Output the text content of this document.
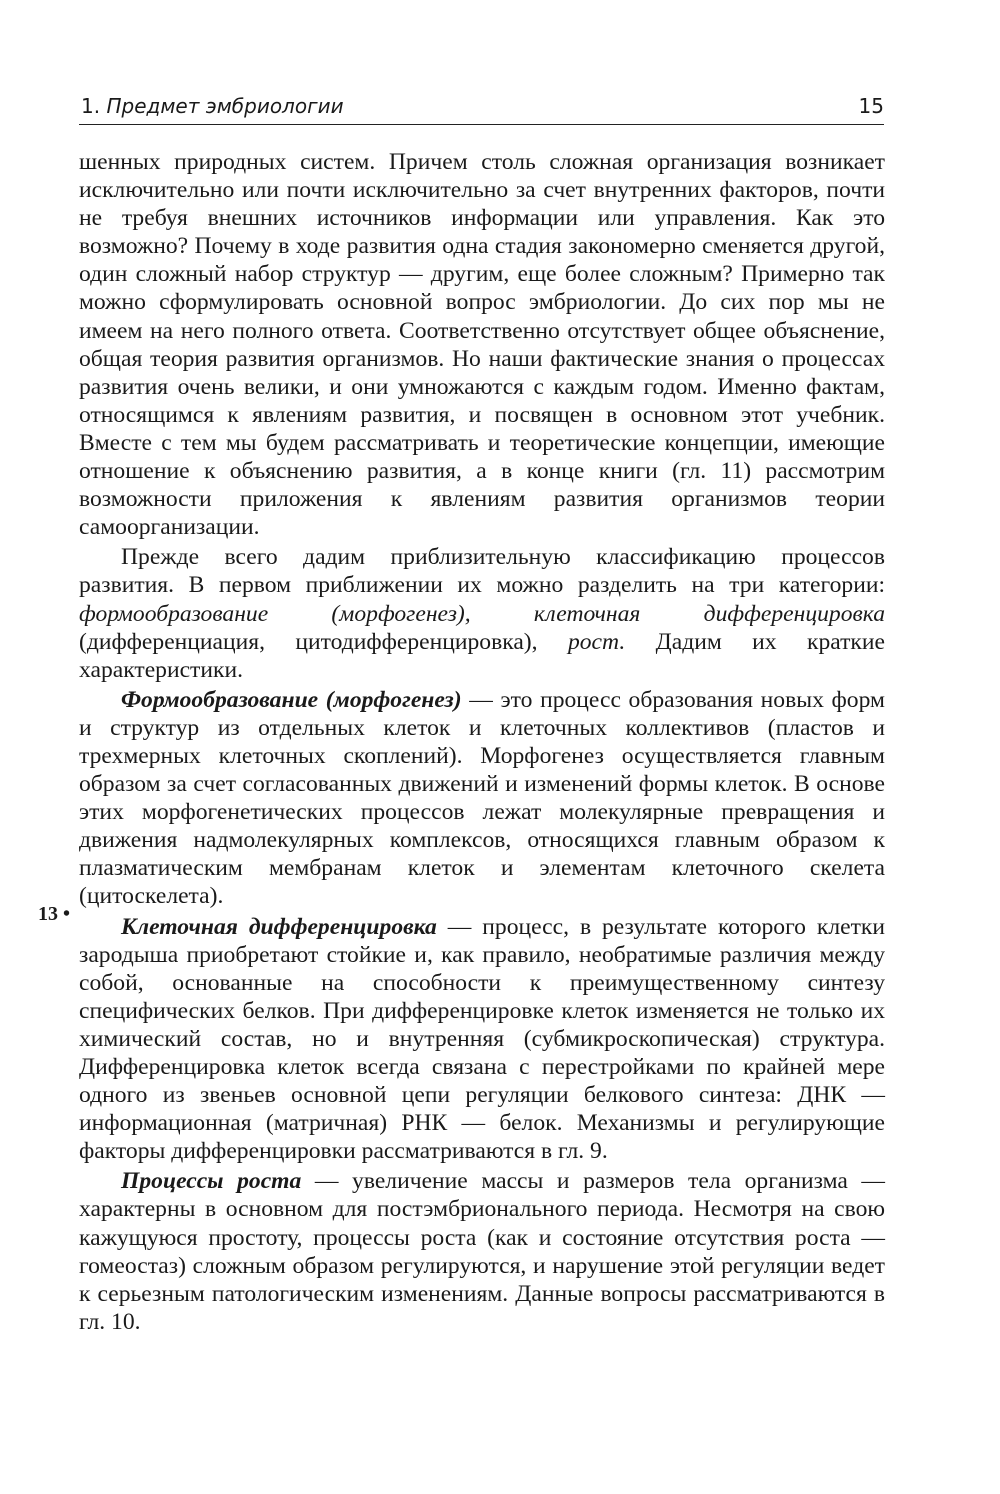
1. Предмет эмбриологии	15
13 •

шенных природных систем. Причем столь сложная организация возникает исключительно или почти исключительно за счет внутренних факторов, почти не требуя внешних источников информации или управления. Как это возможно? Почему в ходе развития одна стадия закономерно сменяется другой, один сложный набор структур — другим, еще более сложным? Примерно так можно сформулировать основной вопрос эмбриологии. До сих пор мы не имеем на него полного ответа. Соответственно отсутствует общее объяснение, общая теория развития организмов. Но наши фактические знания о процессах развития очень велики, и они умножаются с каждым годом. Именно фактам, относящимся к явлениям развития, и посвящен в основном этот учебник. Вместе с тем мы будем рассматривать и теоретические концепции, имеющие отношение к объяснению развития, а в конце книги (гл. 11) рассмотрим возможности приложения к явлениям развития организмов теории самоорганизации.

Прежде всего дадим приблизительную классификацию процессов развития. В первом приближении их можно разделить на три категории: формообразование (морфогенез), клеточная дифференцировка (дифференциация, цитодифференцировка), рост. Дадим их краткие характеристики.

Формообразование (морфогенез) — это процесс образования новых форм и структур из отдельных клеток и клеточных коллективов (пластов и трехмерных клеточных скоплений). Морфогенез осуществляется главным образом за счет согласованных движений и изменений формы клеток. В основе этих морфогенетических процессов лежат молекулярные превращения и движения надмолекулярных комплексов, относящихся главным образом к плазматическим мембранам клеток и элементам клеточного скелета (цитоскелета).

Клеточная дифференцировка — процесс, в результате которого клетки зародыша приобретают стойкие и, как правило, необратимые различия между собой, основанные на способности к преимущественному синтезу специфических белков. При дифференцировке клеток изменяется не только их химический состав, но и внутренняя (субмикроскопическая) структура. Дифференцировка клеток всегда связана с перестройками по крайней мере одного из звеньев основной цепи регуляции белкового синтеза: ДНК — информационная (матричная) РНК — белок. Механизмы и регулирующие факторы дифференцировки рассматриваются в гл. 9.

Процессы роста — увеличение массы и размеров тела организма — характерны в основном для постэмбрионального периода. Несмотря на свою кажущуюся простоту, процессы роста (как и состояние отсутствия роста — гомеостаз) сложным образом регулируются, и нарушение этой регуляции ведет к серьезным патологическим изменениям. Данные вопросы рассматриваются в гл. 10.
